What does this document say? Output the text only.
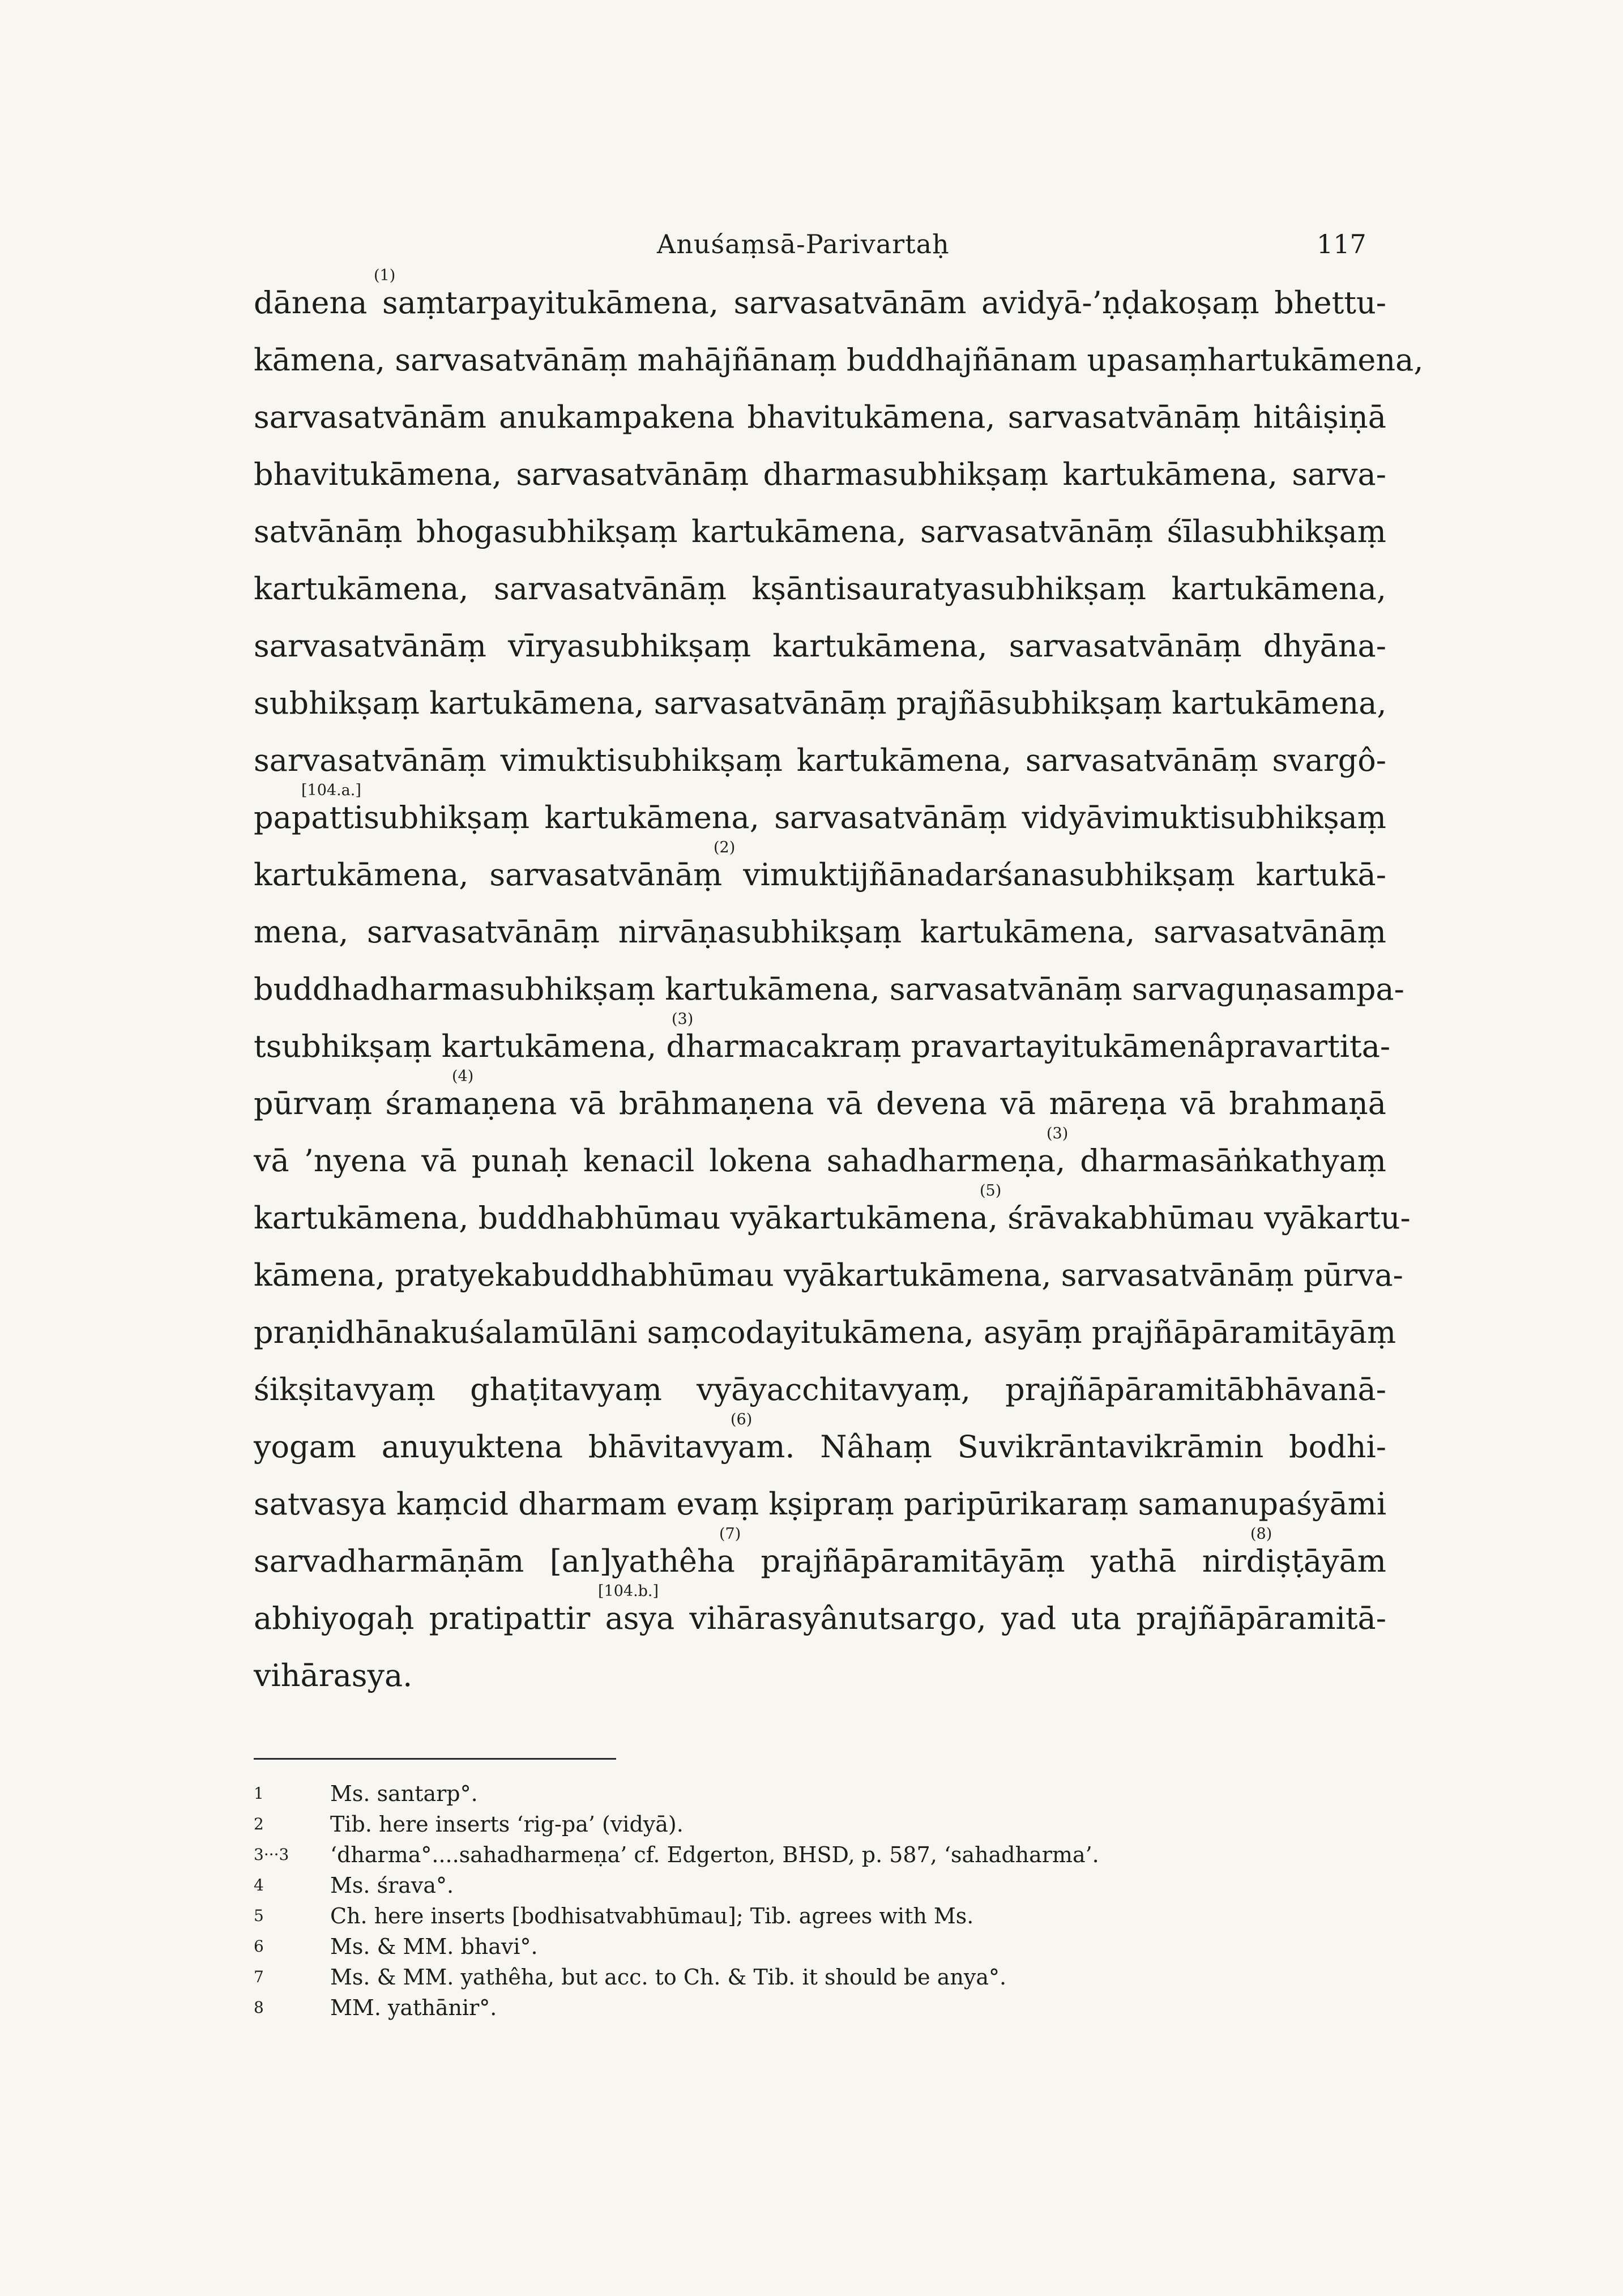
Anuśaṃsā-Parivartaḥ	117
(1)
dānena saṃtarpayitukāmena, sarvasatvānām avidyā-’ṇḍakoṣaṃ bhettu-
kāmena, sarvasatvānāṃ mahājñānaṃ buddhajñānam upasaṃhartukāmena,
sarvasatvānām anukampakena bhavitukāmena, sarvasatvānāṃ hitâiṣiṇā
bhavitukāmena, sarvasatvānāṃ dharmasubhikṣaṃ kartukāmena, sarva-
satvānāṃ bhogasubhikṣaṃ kartukāmena, sarvasatvānāṃ śīlasubhikṣaṃ
kartukāmena, sarvasatvānāṃ kṣāntisauratyasubhikṣaṃ kartukāmena,
sarvasatvānāṃ vīryasubhikṣaṃ kartukāmena, sarvasatvānāṃ dhyāna-
subhikṣaṃ kartukāmena, sarvasatvānāṃ prajñāsubhikṣaṃ kartukāmena,
sarvasatvānāṃ vimuktisubhikṣaṃ kartukāmena, sarvasatvānāṃ svargô-
[104.a.]
papattisubhikṣaṃ kartukāmena, sarvasatvānāṃ vidyāvimuktisubhikṣaṃ
(2)
kartukāmena, sarvasatvānāṃ vimuktijñānadarśanasubhikṣaṃ kartukā-
mena, sarvasatvānāṃ nirvāṇasubhikṣaṃ kartukāmena, sarvasatvānāṃ
buddhadharmasubhikṣaṃ kartukāmena, sarvasatvānāṃ sarvaguṇasampa-
(3)
tsubhikṣaṃ kartukāmena, dharmacakraṃ pravartayitukāmenâpravartita-
(4)
pūrvaṃ śramaṇena vā brāhmaṇena vā devena vā māreṇa vā brahmaṇā
(3)
vā ’nyena vā punaḥ kenacil lokena sahadharmeṇa, dharmasāṅkathyaṃ
(5)
kartukāmena, buddhabhūmau vyākartukāmena, śrāvakabhūmau vyākartu-
kāmena, pratyekabuddhabhūmau vyākartukāmena, sarvasatvānāṃ pūrva-
praṇidhānakuśalamūlāni saṃcodayitukāmena, asyāṃ prajñāpāramitāyāṃ
śikṣitavyaṃ ghaṭitavyaṃ vyāyacchitavyaṃ, prajñāpāramitābhāvanā-
(6)
yogam anuyuktena bhāvitavyam. Nâhaṃ Suvikrāntavikrāmin bodhi-
satvasya kaṃcid dharmam evaṃ kṣipraṃ paripūrikaraṃ samanupaśyāmi
(7)	(8)
sarvadharmāṇām [an]yathêha prajñāpāramitāyāṃ yathā nirdiṣṭāyām
[104.b.]
abhiyogaḥ pratipattir asya vihārasyânutsargo, yad uta prajñāpāramitā-
vihārasya.
1	Ms. santarp°.
2	Tib. here inserts ‘rig-pa’ (vidyā).
3···3	‘dharma°....sahadharmeṇa’ cf. Edgerton, BHSD, p. 587, ‘sahadharma’.
4	Ms. śrava°.
5	Ch. here inserts [bodhisatvabhūmau]; Tib. agrees with Ms.
6	Ms. & MM. bhavi°.
7	Ms. & MM. yathêha, but acc. to Ch. & Tib. it should be anya°.
8	MM. yathānir°.
